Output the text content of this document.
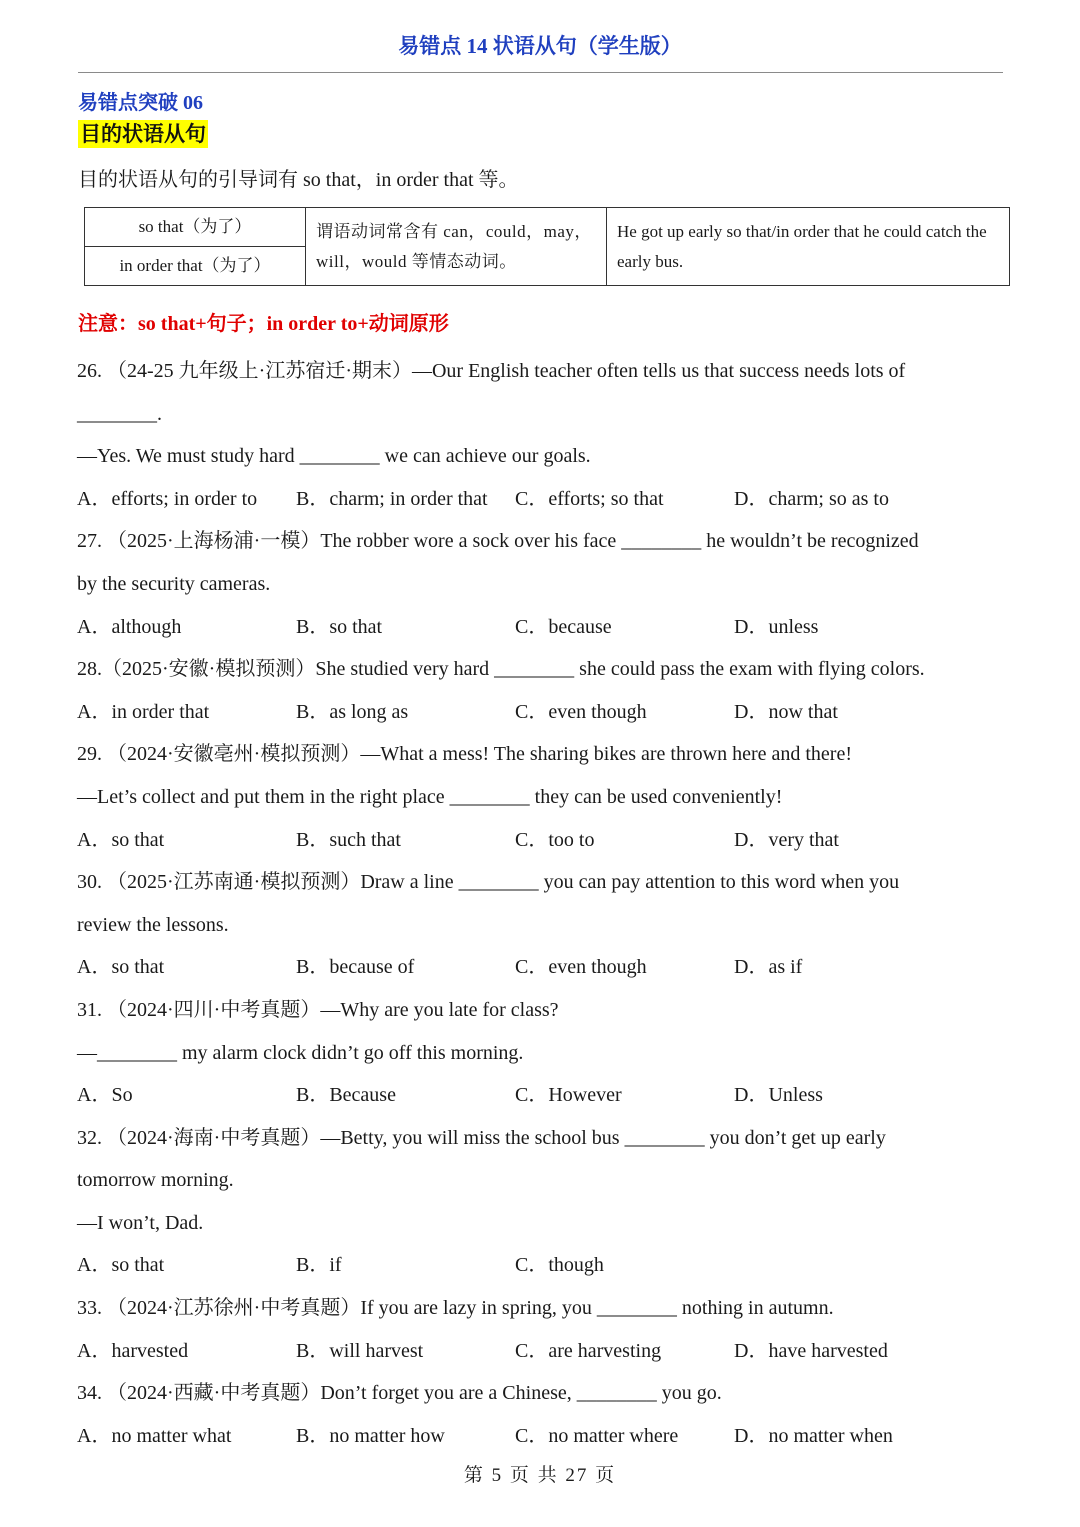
易错点 14 状语从句（学生版）
易错点突破 06
目的状语从句
目的状语从句的引导词有 so that，in order that 等。
so that（为了）	谓语动词常含有 can，could，may，will，would 等情态动词。	He got up early so that/in order that he could catch the early bus.
in order that（为了）
注意：so that+句子；in order to+动词原形
26. （24-25 九年级上·江苏宿迁·期末）—Our English teacher often tells us that success needs lots of
________.
—Yes. We must study hard ________ we can achieve our goals.
A．efforts; in order to	B．charm; in order that	C．efforts; so that	D．charm; so as to
27. （2025·上海杨浦·一模）The robber wore a sock over his face ________ he wouldn’t be recognized
by the security cameras.
A．although	B．so that	C．because	D．unless
28.（2025·安徽·模拟预测）She studied very hard ________ she could pass the exam with flying colors.
A．in order that	B．as long as	C．even though	D．now that
29. （2024·安徽亳州·模拟预测）—What a mess! The sharing bikes are thrown here and there!
—Let’s collect and put them in the right place ________ they can be used conveniently!
A．so that	B．such that	C．too to	D．very that
30. （2025·江苏南通·模拟预测）Draw a line ________ you can pay attention to this word when you
review the lessons.
A．so that	B．because of	C．even though	D．as if
31. （2024·四川·中考真题）—Why are you late for class?
—________ my alarm clock didn’t go off this morning.
A．So	B．Because	C．However	D．Unless
32. （2024·海南·中考真题）—Betty, you will miss the school bus ________ you don’t get up early
tomorrow morning.
—I won’t, Dad.
A．so that	B．if	C．though
33. （2024·江苏徐州·中考真题）If you are lazy in spring, you ________ nothing in autumn.
A．harvested	B．will harvest	C．are harvesting	D．have harvested
34. （2024·西藏·中考真题）Don’t forget you are a Chinese, ________ you go.
A．no matter what	B．no matter how	C．no matter where	D．no matter when
第 5 页 共 27 页
